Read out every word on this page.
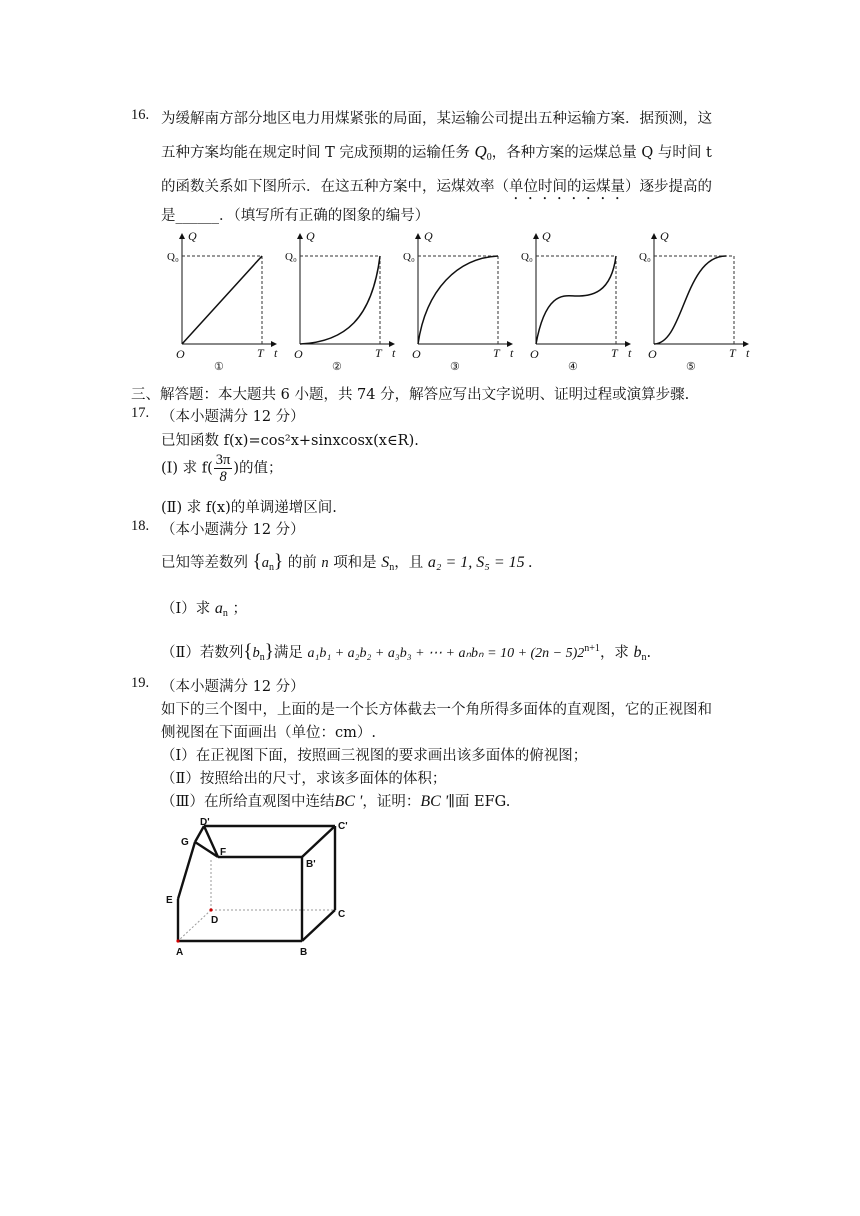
16. 为缓解南方部分地区电力用煤紧张的局面，某运输公司提出五种运输方案．据预测，这
五种方案均能在规定时间 T 完成预期的运输任务 $Q_0$，各种方案的运煤总量 Q 与时间 t
的函数关系如下图所示．在这五种方案中，运煤效率（单位时间的运煤量）逐步提高的
是______．（填写所有正确的图象的编号）
Q
Q₀
O	T t
①
Q
Q₀
O	T t
②
Q
Q₀
O	T t
③
Q
Q₀
O	T t
④
Q
Q₀
O	T t
⑤
三、解答题：本大题共 6 小题，共 74 分，解答应写出文字说明、证明过程或演算步骤.
17. （本小题满分 12 分）
已知函数 f(x)=cos²x+sinxcosx(x∈R).
(Ⅰ) 求 $f( \frac{3\pi}{8}$ )的值；
(Ⅱ) 求 f(x)的单调递增区间.
18. （本小题满分 12 分）
已知等差数列 $\{a_n\}$ 的前 n 项和是 $S_n$，且 a₂ = 1, S₅ = 15 .
（Ⅰ）求 $a_n$ ；
（Ⅱ）若数列$\{b_n\}$满足 a₁b₁ + a₂b₂ + a₃b₃ + ⋯ + $a_nb_n = 10 + (2n - 5)2^{n+1}$，求 $b_n$.
19. （本小题满分 12 分）
如下的三个图中，上面的是一个长方体截去一个角所得多面体的直观图，它的正视图和
侧视图在下面画出（单位：cm）.
（Ⅰ）在正视图下面，按照画三视图的要求画出该多面体的俯视图；
（Ⅱ）按照给出的尺寸，求该多面体的体积；
（Ⅲ）在所给直观图中连结BC '，证明：BC '∥面 EFG.
D'	C'
G
F
B'
E
D
C
A	B
